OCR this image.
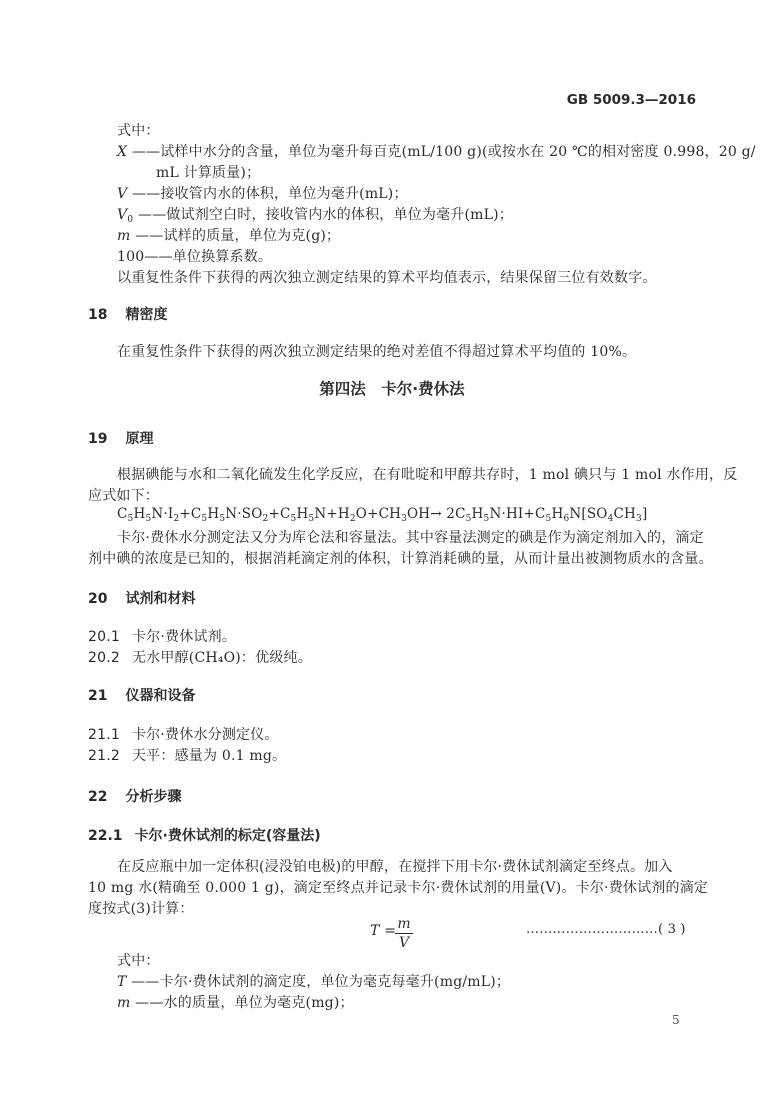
GB 5009.3—2016
式中：
X ——试样中水分的含量，单位为毫升每百克(mL/100 g)(或按水在 20 ℃的相对密度 0.998，20 g/
mL 计算质量)；
V ——接收管内水的体积，单位为毫升(mL)；
$V_0$ ——做试剂空白时，接收管内水的体积，单位为毫升(mL)；
m ——试样的质量，单位为克(g)；
100——单位换算系数。
以重复性条件下获得的两次独立测定结果的算术平均值表示，结果保留三位有效数字。
18 精密度
在重复性条件下获得的两次独立测定结果的绝对差值不得超过算术平均值的 10%。
第四法　卡尔·费休法
19 原理
根据碘能与水和二氧化硫发生化学反应，在有吡啶和甲醇共存时，1 mol 碘只与 1 mol 水作用，反
应式如下：
$C_5H_5N\cdot I_2+C_5H_5N\cdot SO_2+C_5H_5N+H_2O+CH_3OH\to 2C_5H_5N\cdot HI+C_5H_6N[SO_4CH_3]$
卡尔·费休水分测定法又分为库仑法和容量法。其中容量法测定的碘是作为滴定剂加入的，滴定
剂中碘的浓度是已知的，根据消耗滴定剂的体积，计算消耗碘的量，从而计量出被测物质水的含量。
20 试剂和材料
20.1 卡尔·费休试剂。
20.2 无水甲醇(CH₄O)：优级纯。
21 仪器和设备
21.1 卡尔·费休水分测定仪。
21.2 天平：感量为 0.1 mg。
22 分析步骤
22.1 卡尔·费休试剂的标定(容量法)
在反应瓶中加一定体积(浸没铂电极)的甲醇，在搅拌下用卡尔·费休试剂滴定至终点。加入
10 mg 水(精确至 0.000 1 g)，滴定至终点并记录卡尔·费休试剂的用量(V)。卡尔·费休试剂的滴定
度按式(3)计算：
T = m
V
…………………………( 3 )
式中：
T ——卡尔·费休试剂的滴定度，单位为毫克每毫升(mg/mL)；
m ——水的质量，单位为毫克(mg)；
5
